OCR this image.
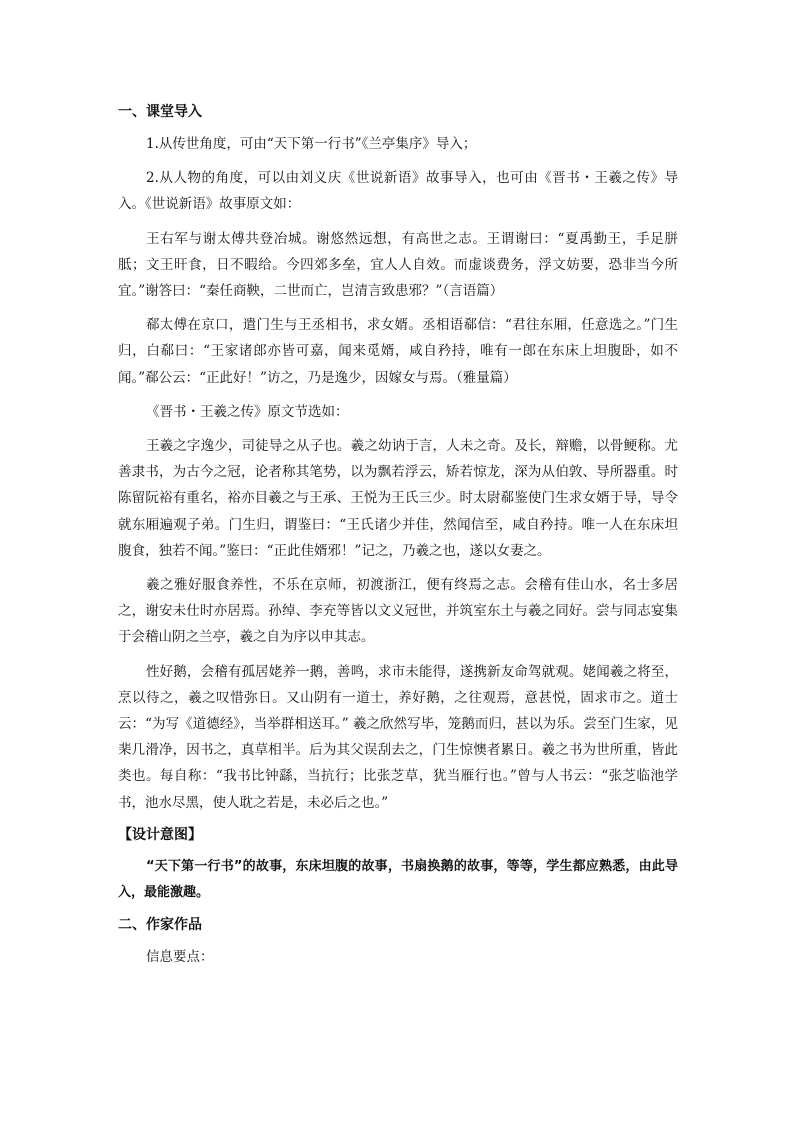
一、课堂导入

1.从传世角度，可由“天下第一行书”《兰亭集序》导入；

2.从人物的角度，可以由刘义庆《世说新语》故事导入，也可由《晋书・王羲之传》导入。《世说新语》故事原文如：

王右军与谢太傅共登冶城。谢悠然远想，有高世之志。王谓谢曰：“夏禹勤王，手足胼胝；文王旰食，日不暇给。今四郊多垒，宜人人自效。而虚谈费务，浮文妨要，恐非当今所宜。”谢答曰：“秦任商鞅，二世而亡，岂清言致患邪？”（言语篇）

郗太傅在京口，遣门生与王丞相书，求女婿。丞相语郗信：“君往东厢，任意选之。”门生归，白郗曰：“王家诸郎亦皆可嘉，闻来觅婿，咸自矜持，唯有一郎在东床上坦腹卧，如不闻。”郗公云：“正此好！”访之，乃是逸少，因嫁女与焉。（雅量篇）

《晋书・王羲之传》原文节选如：

王羲之字逸少，司徒导之从子也。羲之幼讷于言，人未之奇。及长，辩赡，以骨鲠称。尤善隶书，为古今之冠，论者称其笔势，以为飘若浮云，矫若惊龙，深为从伯敦、导所器重。时陈留阮裕有重名，裕亦目羲之与王承、王悦为王氏三少。时太尉郗鉴使门生求女婿于导，导令就东厢遍观子弟。门生归，谓鉴曰：“王氏诸少并佳，然闻信至，咸自矜持。唯一人在东床坦腹食，独若不闻。”鉴曰：“正此佳婿邪！”记之，乃羲之也，遂以女妻之。

羲之雅好服食养性，不乐在京师，初渡浙江，便有终焉之志。会稽有佳山水，名士多居之，谢安未仕时亦居焉。孙绰、李充等皆以文义冠世，并筑室东土与羲之同好。尝与同志宴集于会稽山阴之兰亭，羲之自为序以申其志。

性好鹅，会稽有孤居姥养一鹅，善鸣，求市未能得，遂携新友命驾就观。姥闻羲之将至，烹以待之，羲之叹惜弥日。又山阴有一道士，养好鹅，之往观焉，意甚悦，固求市之。道士云：“为写《道德经》，当举群相送耳。” 羲之欣然写毕，笼鹅而归，甚以为乐。尝至门生家，见棐几滑净，因书之，真草相半。后为其父误刮去之，门生惊懊者累日。羲之书为世所重，皆此类也。每自称：“我书比钟繇，当抗行；比张芝草，犹当雁行也。”曾与人书云：“张芝临池学书，池水尽黑，使人耽之若是，未必后之也。”

【设计意图】

“天下第一行书”的故事，东床坦腹的故事，书扇换鹅的故事，等等，学生都应熟悉，由此导入，最能激趣。

二、作家作品

信息要点：
